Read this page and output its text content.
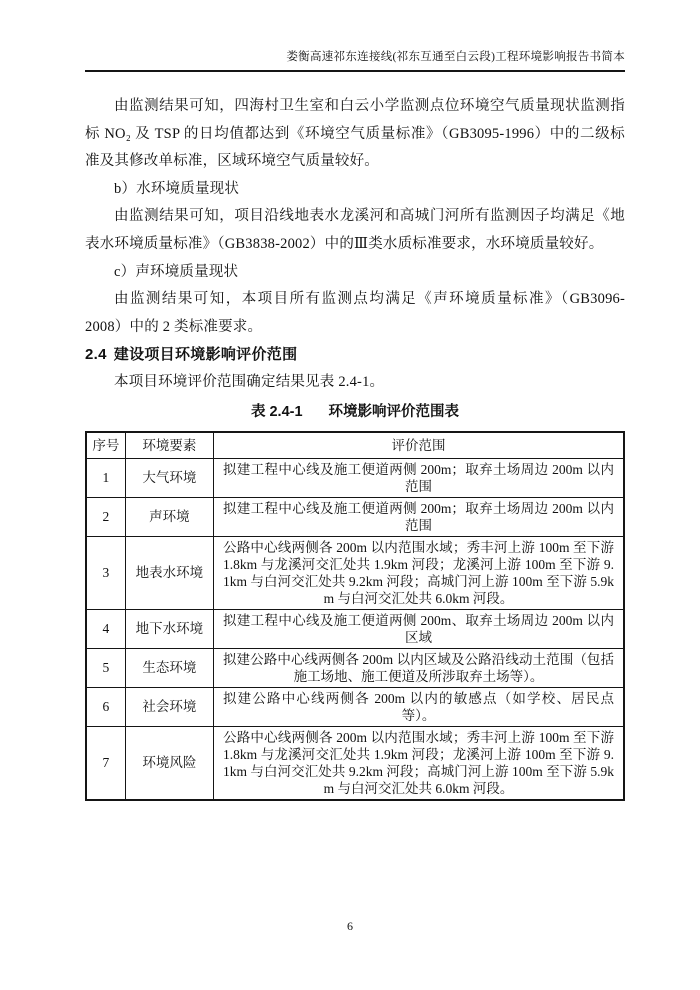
娄衡高速祁东连接线(祁东互通至白云段)工程环境影响报告书简本

由监测结果可知，四海村卫生室和白云小学监测点位环境空气质量现状监测指标 NO₂ 及 TSP 的日均值都达到《环境空气质量标准》（GB3095-1996）中的二级标准及其修改单标准，区域环境空气质量较好。

b）水环境质量现状

由监测结果可知，项目沿线地表水龙溪河和高城门河所有监测因子均满足《地表水环境质量标准》（GB3838-2002）中的Ⅲ类水质标准要求，水环境质量较好。

c）声环境质量现状

由监测结果可知，本项目所有监测点均满足《声环境质量标准》（GB3096-2008）中的 2 类标准要求。

2.4 建设项目环境影响评价范围

本项目环境评价范围确定结果见表 2.4-1。

表 2.4-1 环境影响评价范围表
序号	环境要素	评价范围
1	大气环境	拟建工程中心线及施工便道两侧 200m；取弃土场周边 200m 以内范围
2	声环境	拟建工程中心线及施工便道两侧 200m；取弃土场周边 200m 以内范围
3	地表水环境	公路中心线两侧各 200m 以内范围水域；秀丰河上游 100m 至下游 1.8km 与龙溪河交汇处共 1.9km 河段；龙溪河上游 100m 至下游 9.1km 与白河交汇处共 9.2km 河段；高城门河上游 100m 至下游 5.9km 与白河交汇处共 6.0km 河段。
4	地下水环境	拟建工程中心线及施工便道两侧 200m、取弃土场周边 200m 以内区域
5	生态环境	拟建公路中心线两侧各 200m 以内区域及公路沿线动土范围（包括施工场地、施工便道及所涉取弃土场等）。
6	社会环境	拟建公路中心线两侧各 200m 以内的敏感点（如学校、居民点等）。
7	环境风险	公路中心线两侧各 200m 以内范围水域；秀丰河上游 100m 至下游 1.8km 与龙溪河交汇处共 1.9km 河段；龙溪河上游 100m 至下游 9.1km 与白河交汇处共 9.2km 河段；高城门河上游 100m 至下游 5.9km 与白河交汇处共 6.0km 河段。
6
